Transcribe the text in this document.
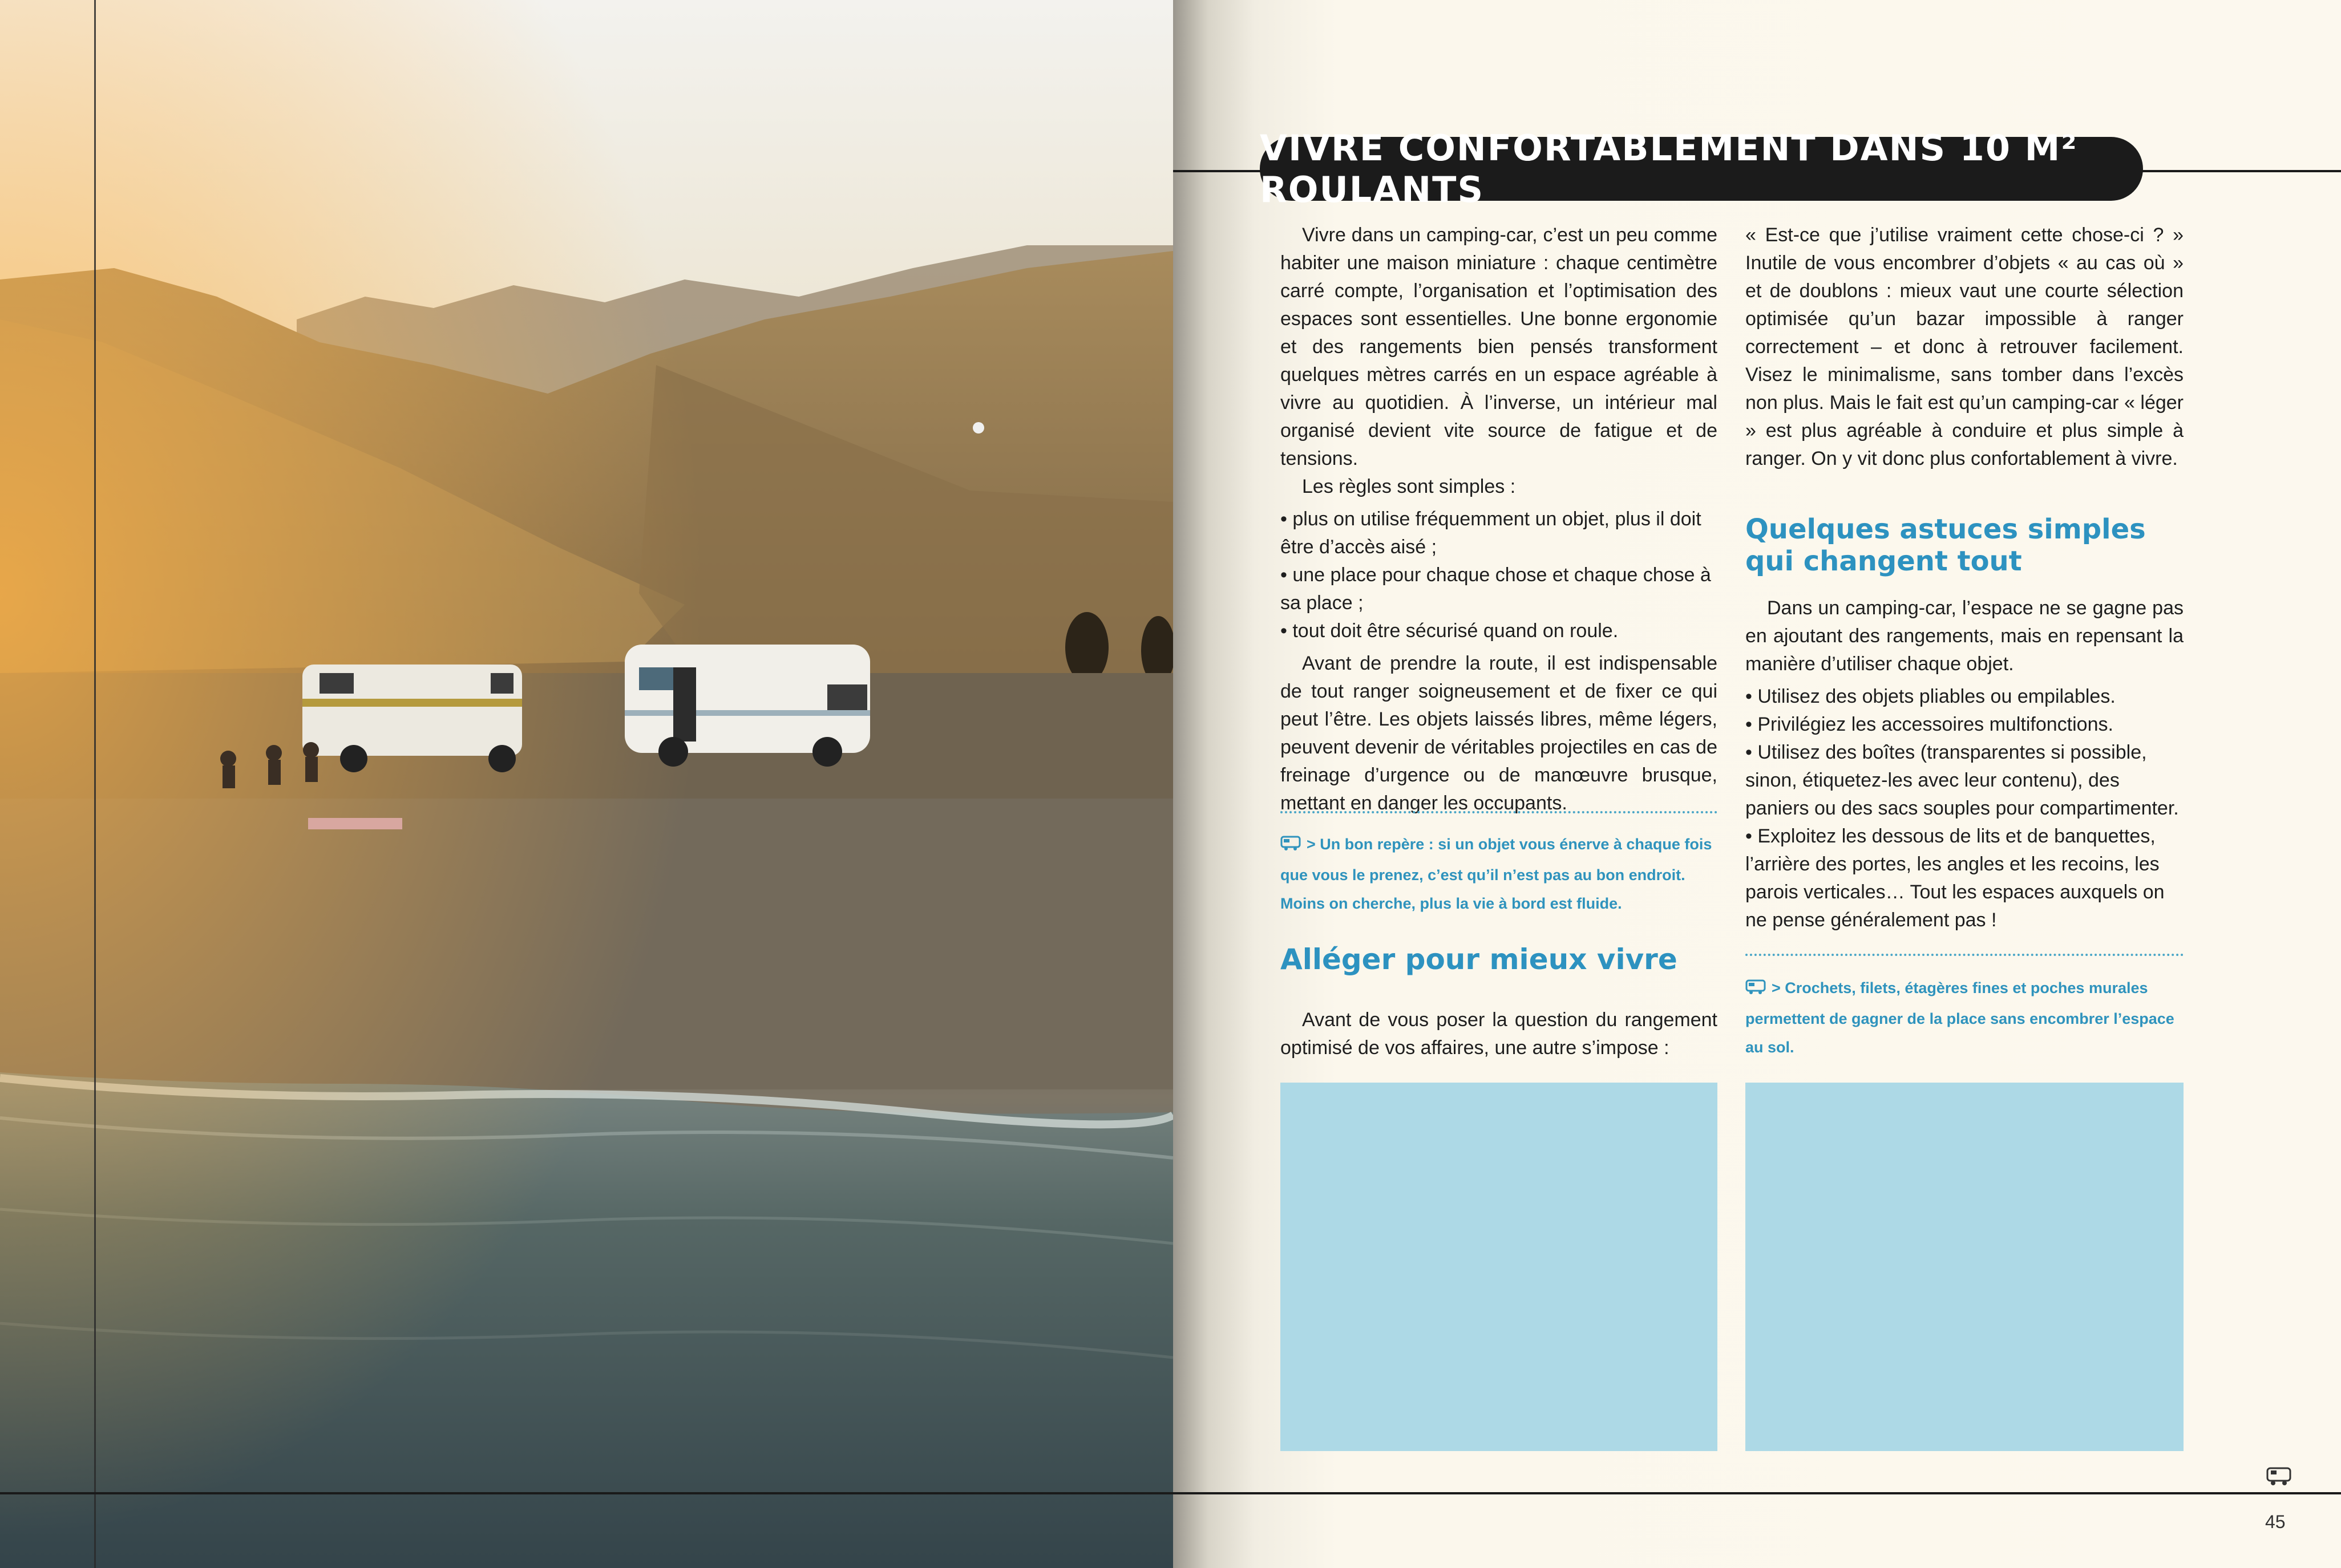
VIVRE CONFORTABLEMENT DANS 10 M² ROULANTS

Vivre dans un camping-car, c’est un peu comme habiter une maison miniature : chaque centimètre carré compte, l’organisation et l’optimisation des espaces sont essentielles. Une bonne ergonomie et des rangements bien pensés transforment quelques mètres carrés en un espace agréable à vivre au quotidien. À l’inverse, un intérieur mal organisé devient vite source de fatigue et de tensions.

Les règles sont simples :

• plus on utilise fréquemment un objet, plus il doit être d’accès aisé ;
• une place pour chaque chose et chaque chose à sa place ;
• tout doit être sécurisé quand on roule.

Avant de prendre la route, il est indispensable de tout ranger soigneusement et de fixer ce qui peut l’être. Les objets laissés libres, même légers, peuvent devenir de véritables projectiles en cas de freinage d’urgence ou de manœuvre brusque, mettant en danger les occupants.

> Un bon repère : si un objet vous énerve à chaque fois que vous le prenez, c’est qu’il n’est pas au bon endroit. Moins on cherche, plus la vie à bord est fluide.
Alléger pour mieux vivre

Avant de vous poser la question du rangement optimisé de vos affaires, une autre s’impose :

« Est-ce que j’utilise vraiment cette chose-ci ? » Inutile de vous encombrer d’objets « au cas où » et de doublons : mieux vaut une courte sélection optimisée qu’un bazar impossible à ranger correctement – et donc à retrouver facilement. Visez le minimalisme, sans tomber dans l’excès non plus. Mais le fait est qu’un camping-car « léger » est plus agréable à conduire et plus simple à ranger. On y vit donc plus confortablement à vivre.

Quelques astuces simples qui changent tout

Dans un camping-car, l’espace ne se gagne pas en ajoutant des rangements, mais en repensant la manière d’utiliser chaque objet.

• Utilisez des objets pliables ou empilables.
• Privilégiez les accessoires multifonctions.
• Utilisez des boîtes (transparentes si possible, sinon, étiquetez-les avec leur contenu), des paniers ou des sacs souples pour compartimenter.
• Exploitez les dessous de lits et de banquettes, l’arrière des portes, les angles et les recoins, les parois verticales… Tout les espaces auxquels on ne pense généralement pas !
> Crochets, filets, étagères fines et poches murales permettent de gagner de la place sans encombrer l’espace au sol.
45
